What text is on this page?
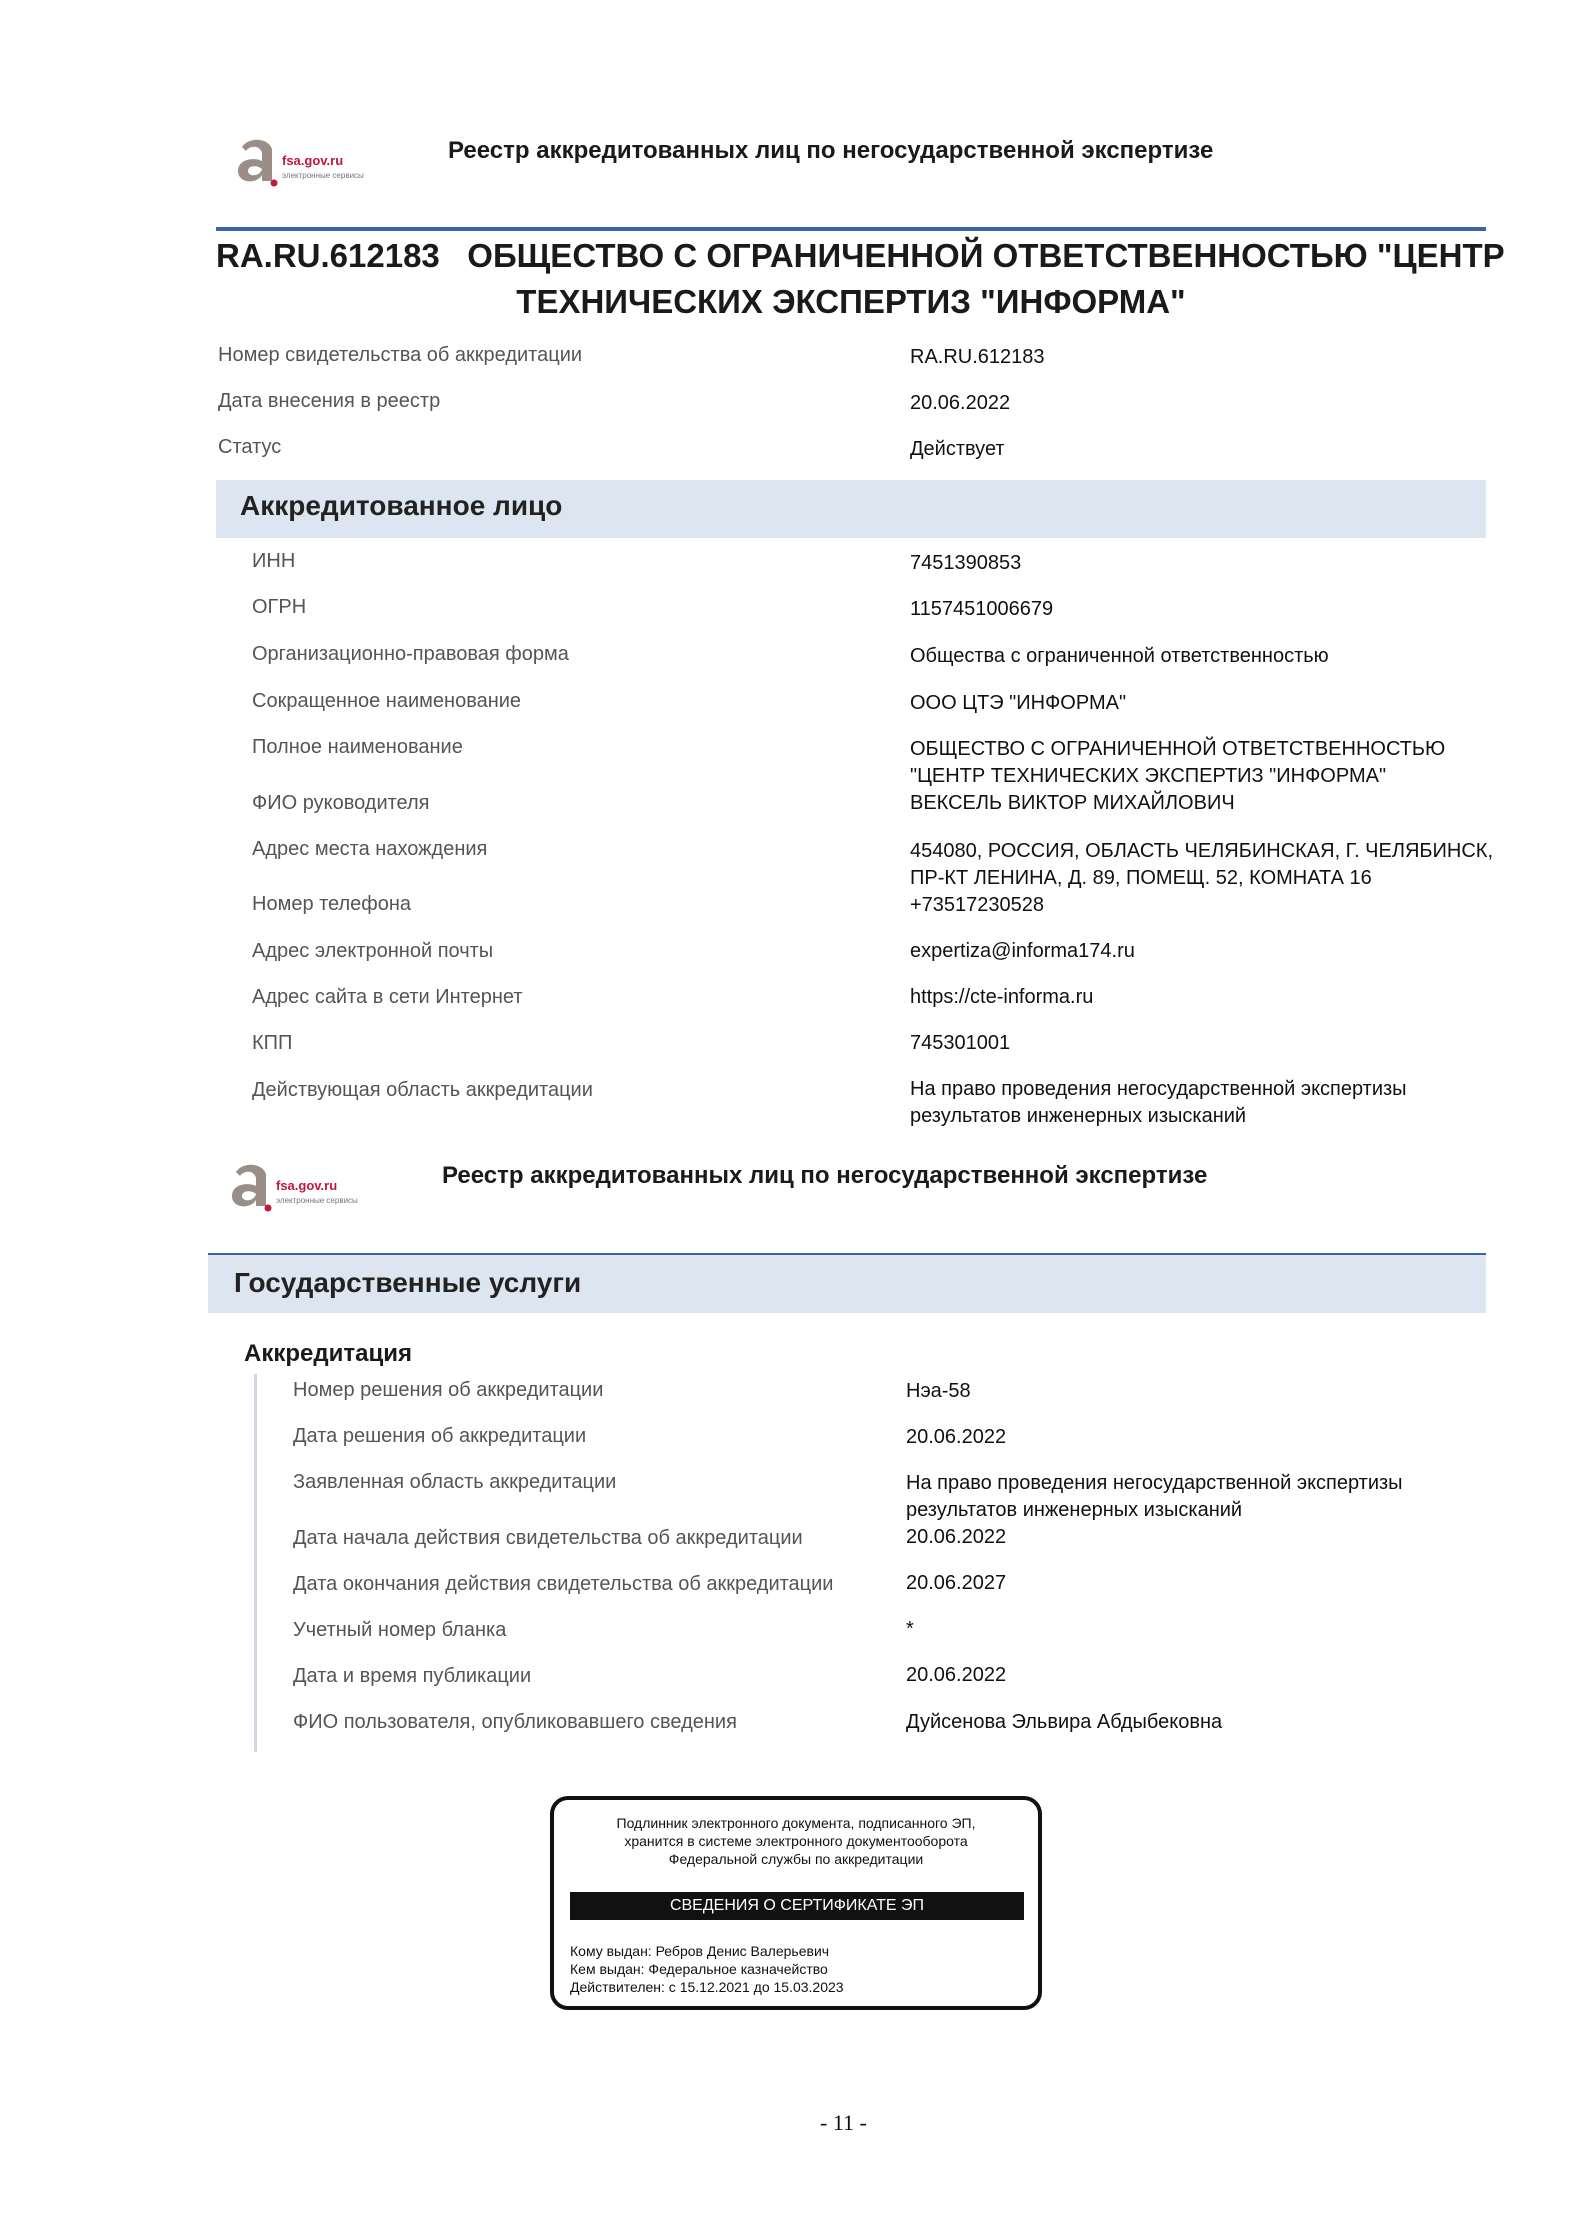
fsa.gov.ru
электронные сервисы
Реестр аккредитованных лиц по негосударственной экспертизе
RA.RU.612183   ОБЩЕСТВО С ОГРАНИЧЕННОЙ ОТВЕТСТВЕННОСТЬЮ "ЦЕНТР
ТЕХНИЧЕСКИХ ЭКСПЕРТИЗ "ИНФОРМА"
Номер свидетельства об аккредитации	RA.RU.612183
Дата внесения в реестр	20.06.2022
Статус	Действует
Аккредитованное лицо
ИНН	7451390853
ОГРН	1157451006679
Организационно-правовая форма	Общества с ограниченной ответственностью
Сокращенное наименование	ООО ЦТЭ "ИНФОРМА"
Полное наименование	ОБЩЕСТВО С ОГРАНИЧЕННОЙ ОТВЕТСТВЕННОСТЬЮ
"ЦЕНТР ТЕХНИЧЕСКИХ ЭКСПЕРТИЗ "ИНФОРМА"
ФИО руководителя	ВЕКСЕЛЬ ВИКТОР МИХАЙЛОВИЧ
Адрес места нахождения	454080, РОССИЯ, ОБЛАСТЬ ЧЕЛЯБИНСКАЯ, Г. ЧЕЛЯБИНСК,
ПР-КТ ЛЕНИНА, Д. 89, ПОМЕЩ. 52, КОМНАТА 16
Номер телефона	+73517230528
Адрес электронной почты	expertiza@informa174.ru
Адрес сайта в сети Интернет	https://cte-informa.ru
КПП	745301001
Действующая область аккредитации	На право проведения негосударственной экспертизы
результатов инженерных изысканий
fsa.gov.ru
электронные сервисы
Реестр аккредитованных лиц по негосударственной экспертизе
Государственные услуги
Аккредитация
Номер решения об аккредитации	Нэа-58
Дата решения об аккредитации	20.06.2022
Заявленная область аккредитации	На право проведения негосударственной экспертизы
результатов инженерных изысканий
Дата начала действия свидетельства об аккредитации	20.06.2022
Дата окончания действия свидетельства об аккредитации	20.06.2027
Учетный номер бланка	*
Дата и время публикации	20.06.2022
ФИО пользователя, опубликовавшего сведения	Дуйсенова Эльвира Абдыбековна
Подлинник электронного документа, подписанного ЭП,
хранится в системе электронного документооборота
Федеральной службы по аккредитации
СВЕДЕНИЯ О СЕРТИФИКАТЕ ЭП
Кому выдан: Ребров Денис Валерьевич
Кем выдан: Федеральное казначейство
Действителен: с 15.12.2021 до 15.03.2023
- 11 -
